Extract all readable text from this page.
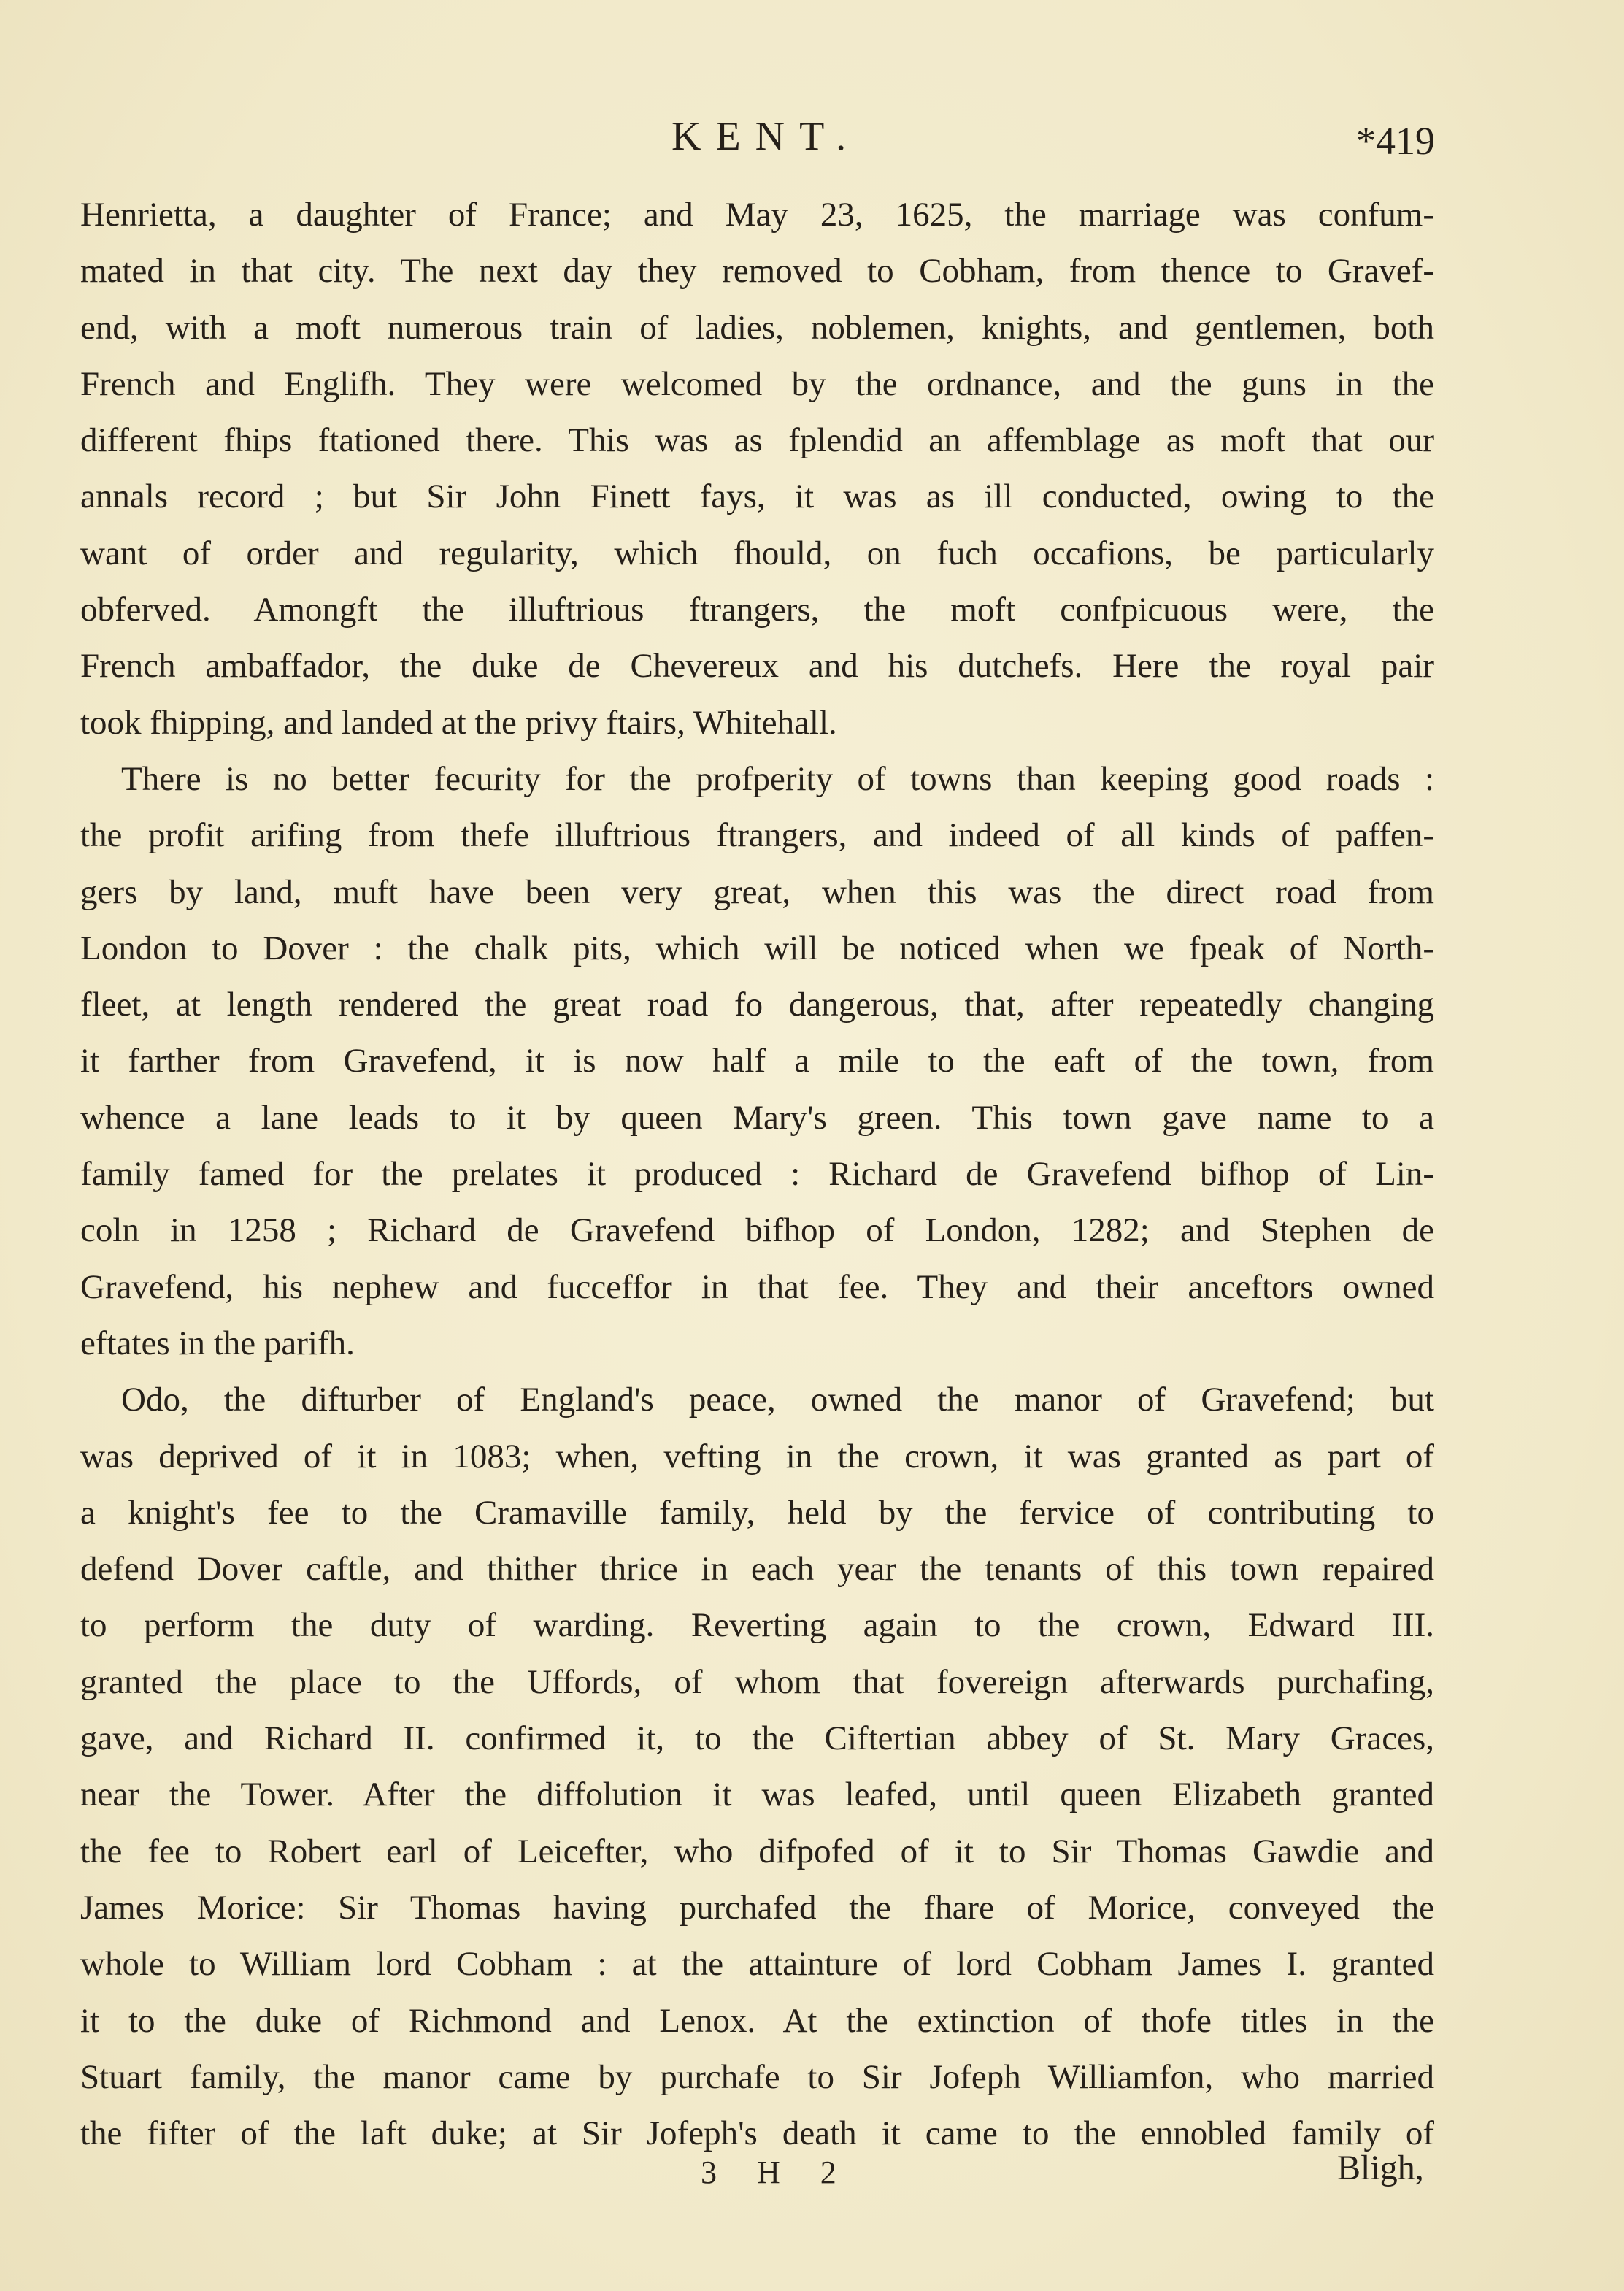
KENT.	*419
Henrietta, a daughter of France; and May 23, 1625, the marriage was confum-
mated in that city. The next day they removed to Cobham, from thence to Gravef-
end, with a moft numerous train of ladies, noblemen, knights, and gentlemen, both
French and Englifh. They were welcomed by the ordnance, and the guns in the
different fhips ftationed there. This was as fplendid an affemblage as moft that our
annals record ; but Sir John Finett fays, it was as ill conducted, owing to the
want of order and regularity, which fhould, on fuch occafions, be particularly
obferved. Amongft the illuftrious ftrangers, the moft confpicuous were, the
French ambaffador, the duke de Chevereux and his dutchefs. Here the royal pair
took fhipping, and landed at the privy ftairs, Whitehall.
There is no better fecurity for the profperity of towns than keeping good roads :
the profit arifing from thefe illuftrious ftrangers, and indeed of all kinds of paffen-
gers by land, muft have been very great, when this was the direct road from
London to Dover : the chalk pits, which will be noticed when we fpeak of North-
fleet, at length rendered the great road fo dangerous, that, after repeatedly changing
it farther from Gravefend, it is now half a mile to the eaft of the town, from
whence a lane leads to it by queen Mary's green. This town gave name to a
family famed for the prelates it produced : Richard de Gravefend bifhop of Lin-
coln in 1258 ; Richard de Gravefend bifhop of London, 1282; and Stephen de
Gravefend, his nephew and fucceffor in that fee. They and their anceftors owned
eftates in the parifh.
Odo, the difturber of England's peace, owned the manor of Gravefend; but
was deprived of it in 1083; when, vefting in the crown, it was granted as part of
a knight's fee to the Cramaville family, held by the fervice of contributing to
defend Dover caftle, and thither thrice in each year the tenants of this town repaired
to perform the duty of warding. Reverting again to the crown, Edward III.
granted the place to the Uffords, of whom that fovereign afterwards purchafing,
gave, and Richard II. confirmed it, to the Ciftertian abbey of St. Mary Graces,
near the Tower. After the diffolution it was leafed, until queen Elizabeth granted
the fee to Robert earl of Leicefter, who difpofed of it to Sir Thomas Gawdie and
James Morice: Sir Thomas having purchafed the fhare of Morice, conveyed the
whole to William lord Cobham : at the attainture of lord Cobham James I. granted
it to the duke of Richmond and Lenox. At the extinction of thofe titles in the
Stuart family, the manor came by purchafe to Sir Jofeph Williamfon, who married
the fifter of the laft duke; at Sir Jofeph's death it came to the ennobled family of
3 H 2	Bligh,
